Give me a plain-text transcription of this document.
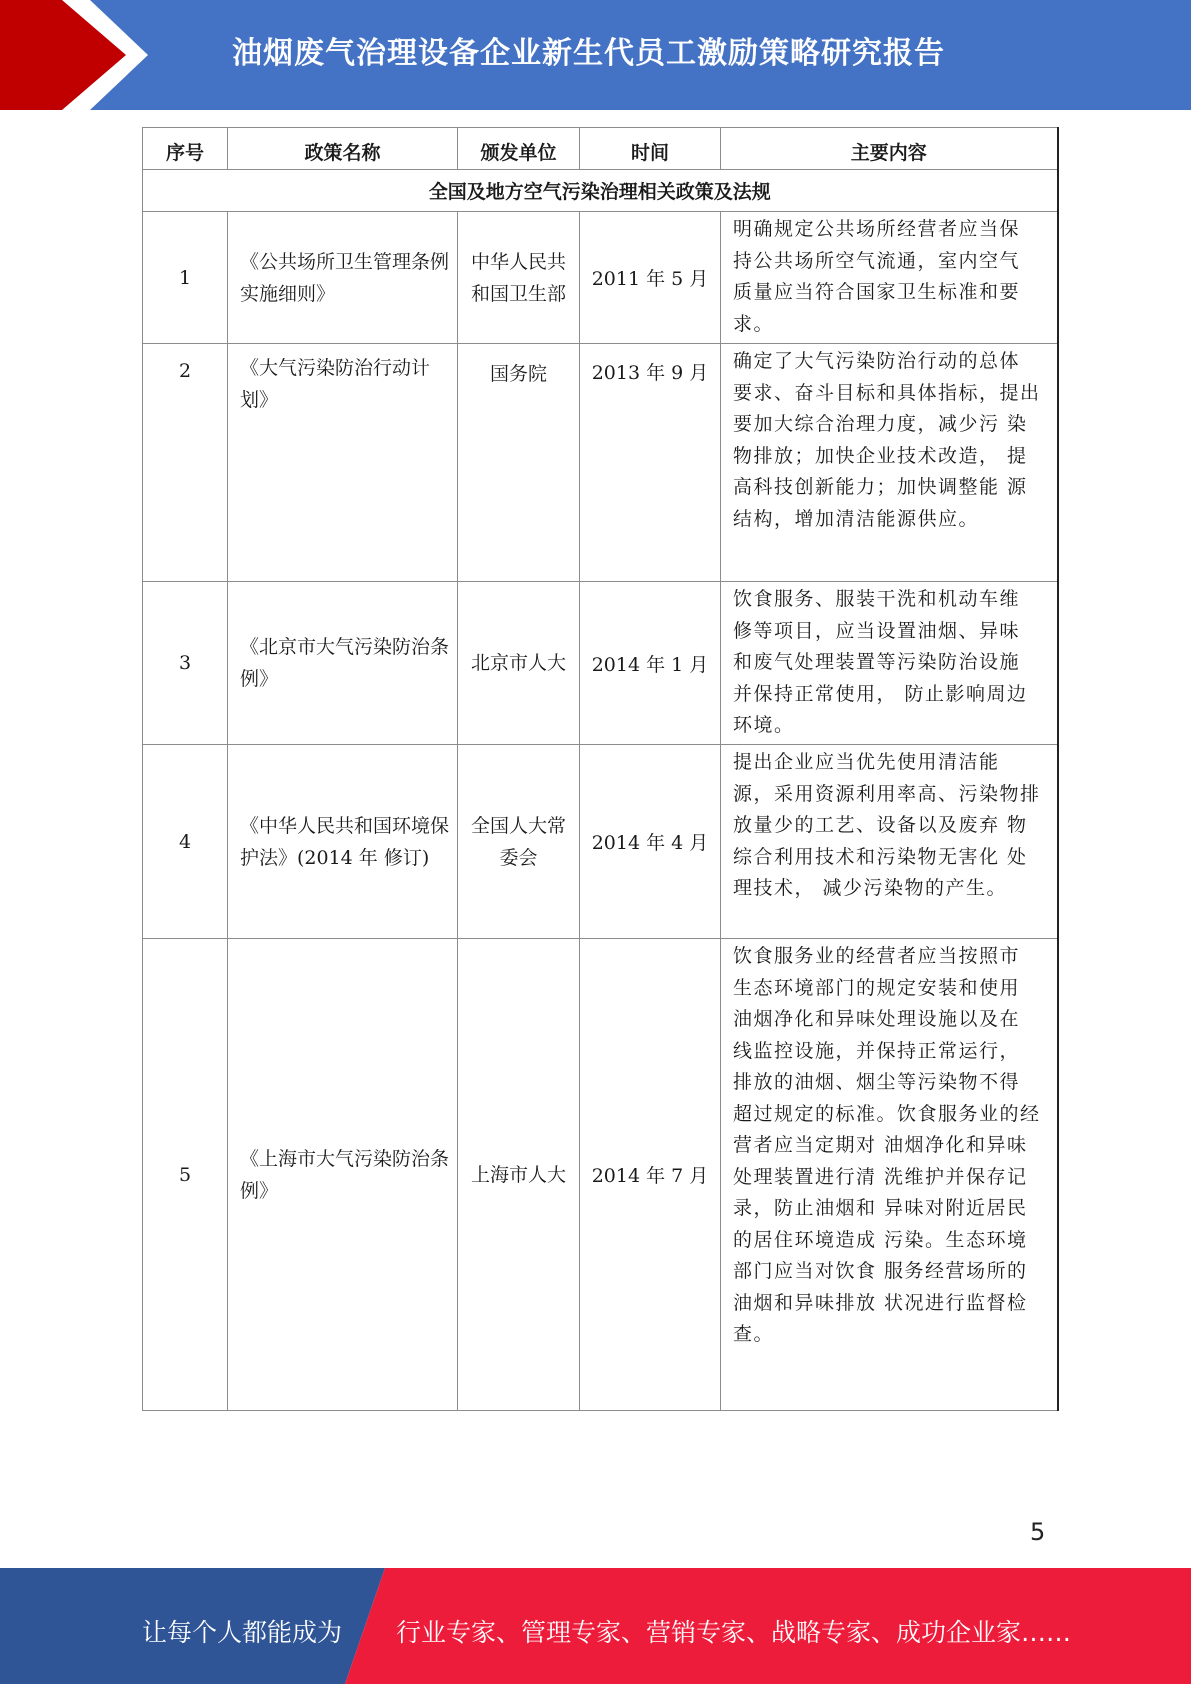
油烟废气治理设备企业新生代员工激励策略研究报告
序号	政策名称	颁发单位	时间	主要内容
全国及地方空气污染治理相关政策及法规				
1	《公共场所卫生管理条例实施细则》	中华人民共和国卫生部	2011 年 5 月	明确规定公共场所经营者应当保 持公共场所空气流通，室内空气 质量应当符合国家卫生标准和要 求。
2	《大气污染防治行动计划》	国务院	2013 年 9 月	确定了大气污染防治行动的总体 要求、奋斗目标和具体指标，提出要加大综合治理力度，减少污 染物排放；加快企业技术改造， 提高科技创新能力；加快调整能 源结构，增加清洁能源供应。
3	《北京市大气污染防治条例》	北京市人大	2014 年 1 月	饮食服务、服装干洗和机动车维 修等项目，应当设置油烟、异味 和废气处理装置等污染防治设施 并保持正常使用， 防止影响周边 环境。
4	《中华人民共和国环境保护法》(2014 年 修订)	全国人大常委会	2014 年 4 月	提出企业应当优先使用清洁能 源，采用资源利用率高、污染物排放量少的工艺、设备以及废弃 物综合利用技术和污染物无害化 处理技术， 减少污染物的产生。
5	《上海市大气污染防治条例》	上海市人大	2014 年 7 月	饮食服务业的经营者应当按照市 生态环境部门的规定安装和使用 油烟净化和异味处理设施以及在 线监控设施，并保持正常运行， 排放的油烟、烟尘等污染物不得 超过规定的标准。饮食服务业的经营者应当定期对 油烟净化和异味处理装置进行清 洗维护并保存记录，防止油烟和 异味对附近居民的居住环境造成 污染。生态环境部门应当对饮食 服务经营场所的油烟和异味排放 状况进行监督检查。
5
让每个人都能成为 行业专家、管理专家、营销专家、战略专家、成功企业家……
